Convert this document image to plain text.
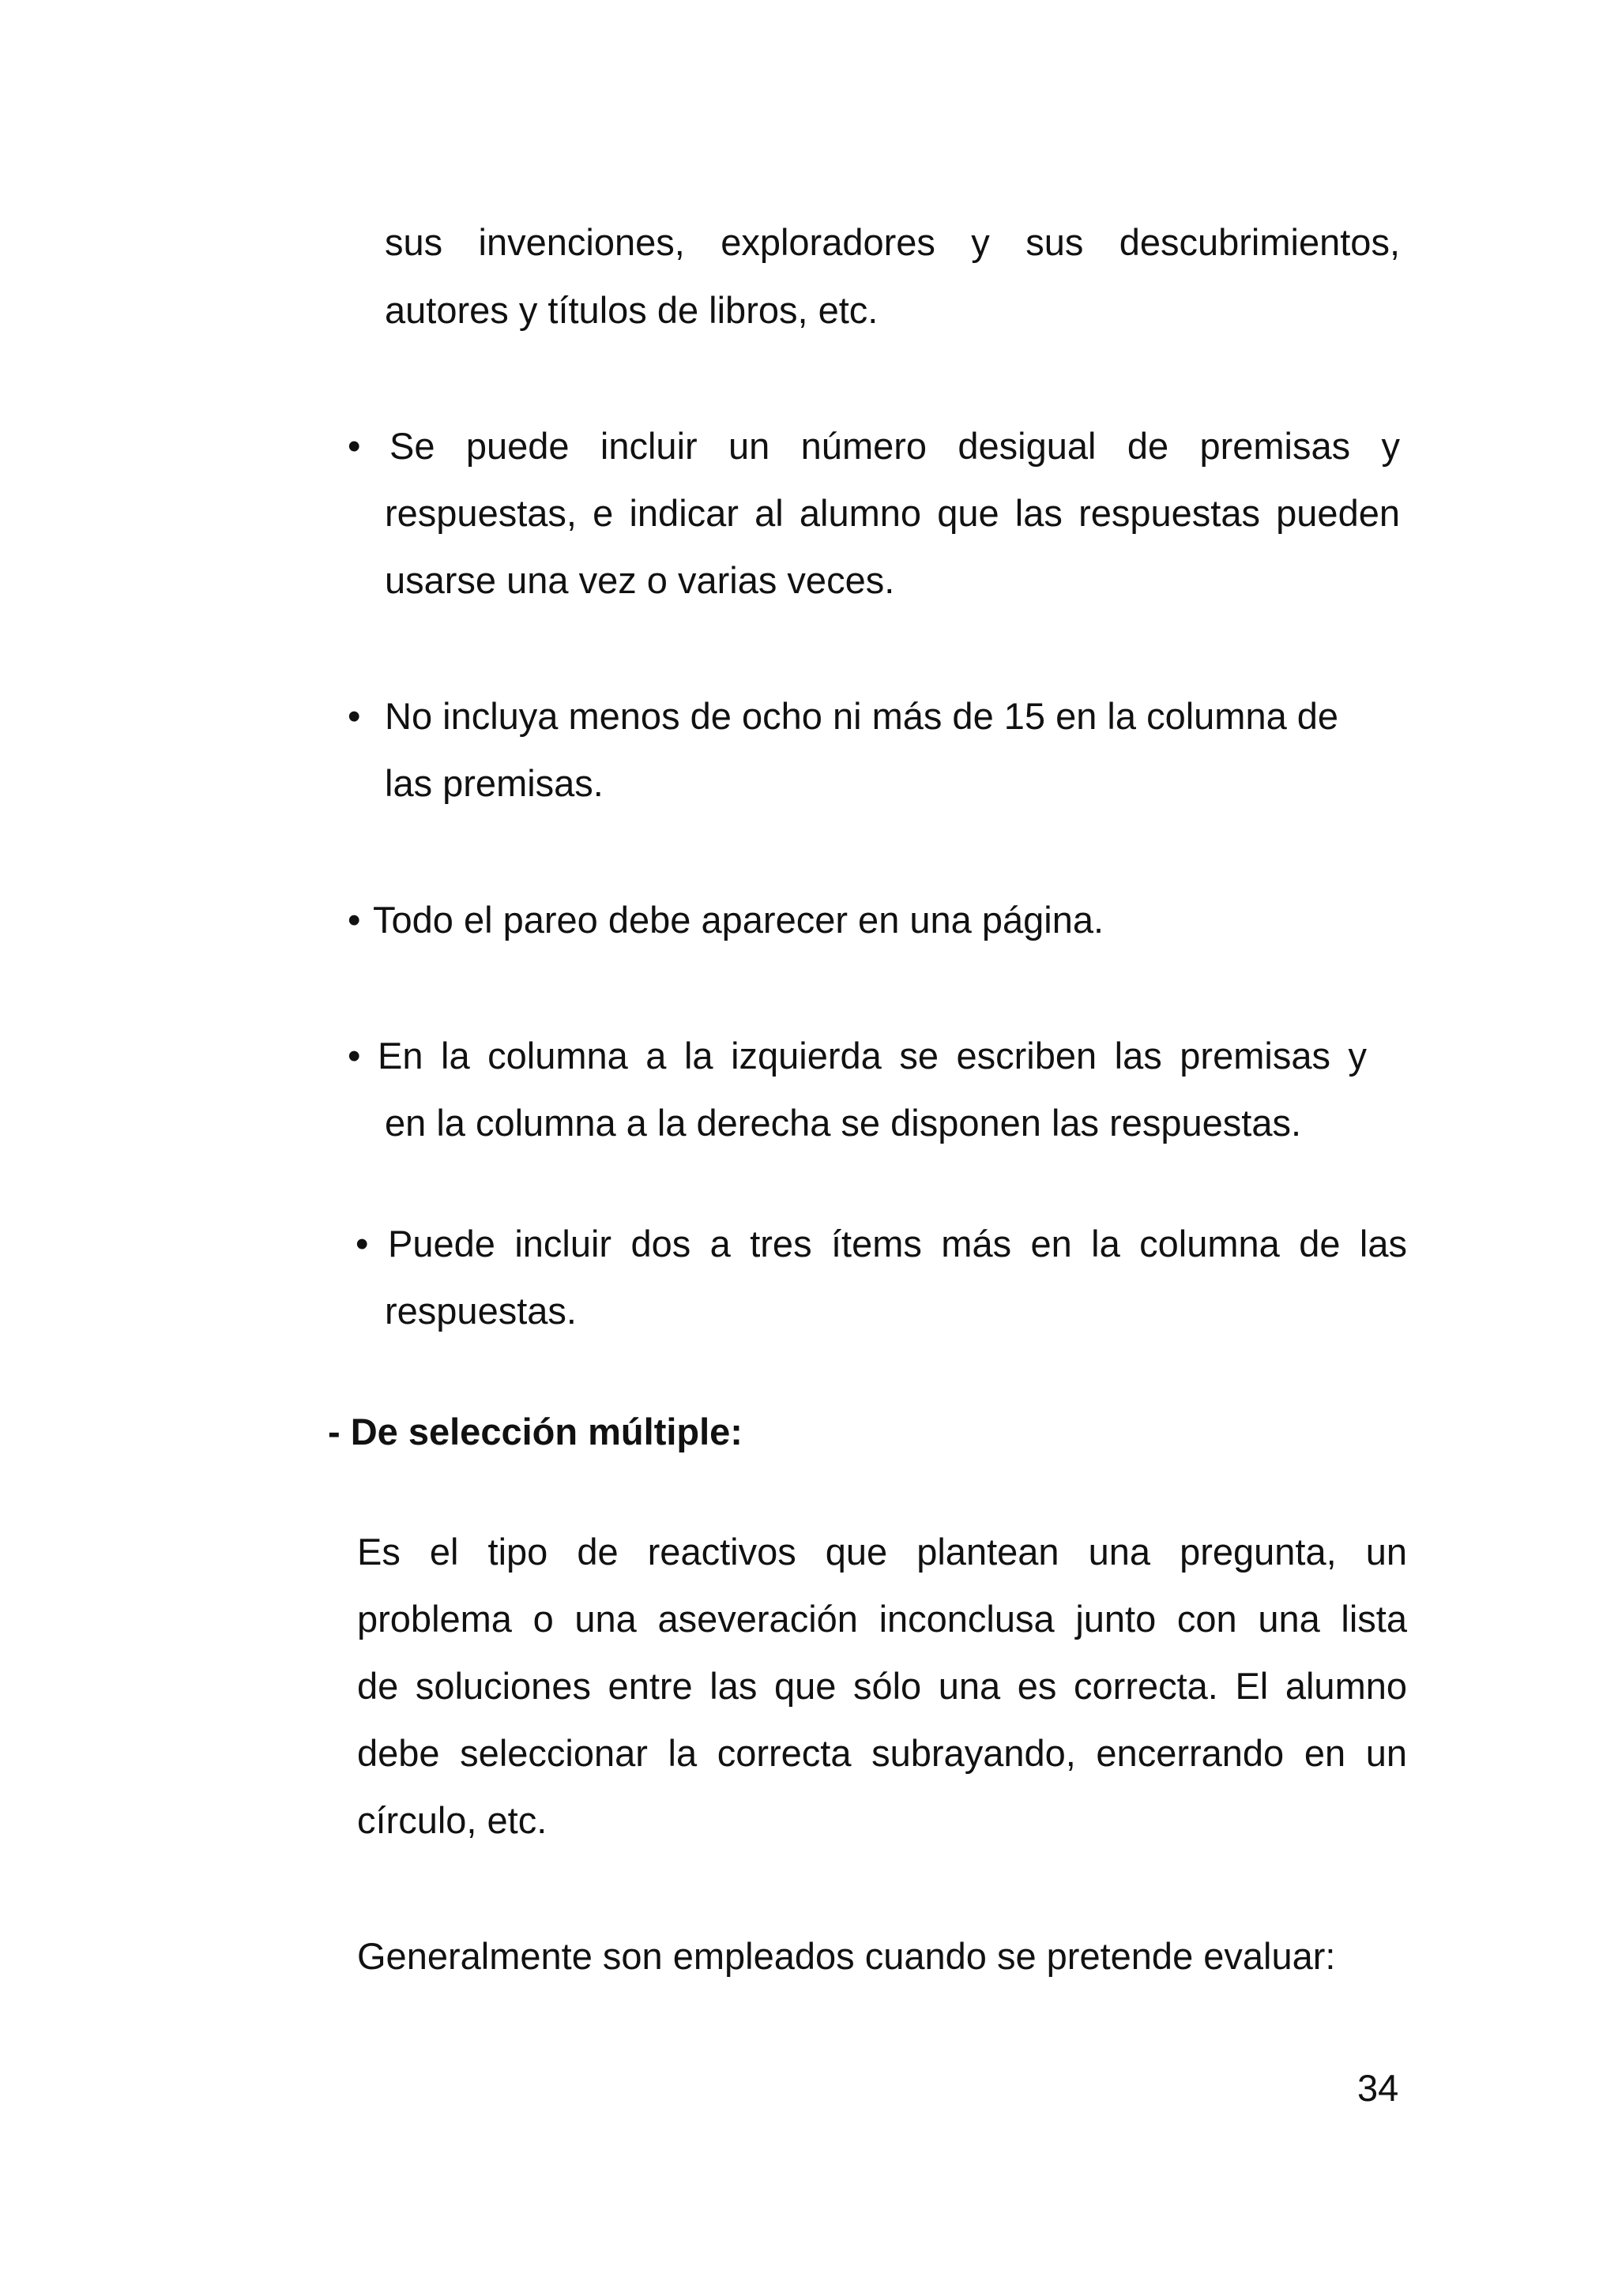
sus invenciones, exploradores y sus descubrimientos,
autores y títulos de libros, etc.
• Se puede incluir un número desigual de premisas y
respuestas, e indicar al alumno que las respuestas pueden
usarse una vez o varias veces.
• No incluya menos de ocho ni más de 15 en la columna de
las premisas.
• Todo el pareo debe aparecer en una página.
• En la columna a la izquierda se escriben las premisas y
en la columna a la derecha se disponen las respuestas.
• Puede incluir dos a tres ítems más en la columna de las
respuestas.
- De selección múltiple:
Es el tipo de reactivos que plantean una pregunta, un
problema o una aseveración inconclusa junto con una lista
de soluciones entre las que sólo una es correcta. El alumno
debe seleccionar la correcta subrayando, encerrando en un
círculo, etc.
Generalmente son empleados cuando se pretende evaluar:
34
